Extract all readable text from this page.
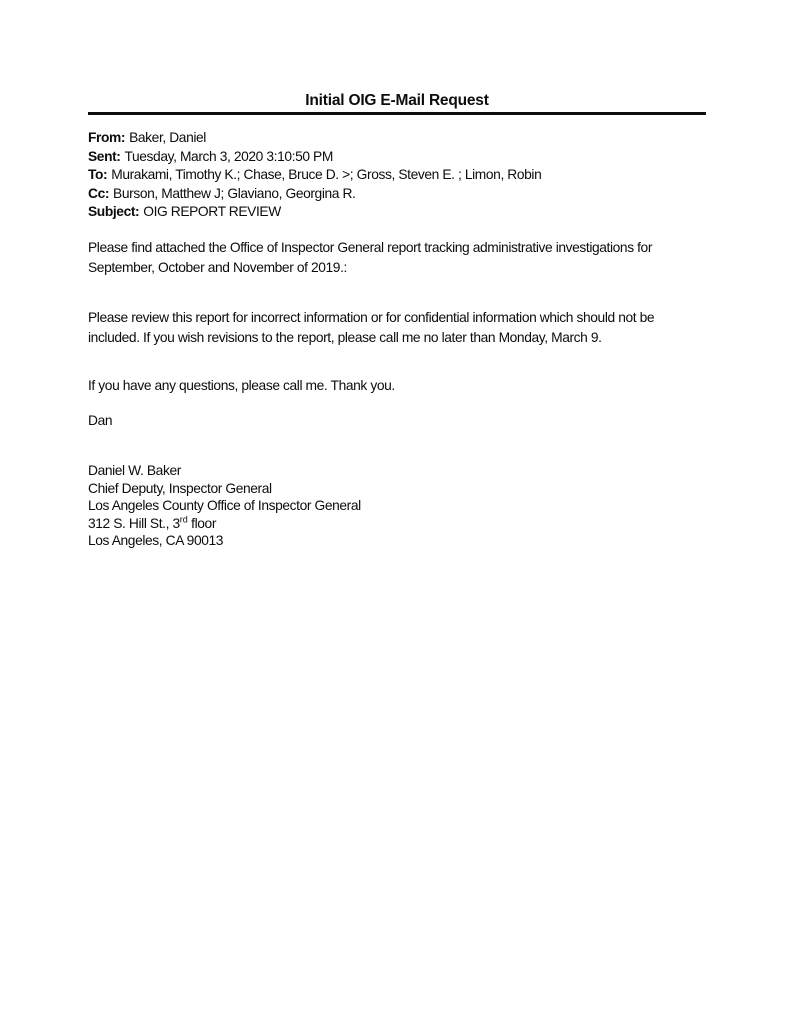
Initial OIG E-Mail Request
From: Baker, Daniel
Sent: Tuesday, March 3, 2020 3:10:50 PM
To: Murakami, Timothy K.; Chase, Bruce D. >; Gross, Steven E. ; Limon, Robin
Cc: Burson, Matthew J; Glaviano, Georgina R.
Subject: OIG REPORT REVIEW

Please find attached the Office of Inspector General report tracking administrative investigations for September, October and November of 2019.:

Please review this report for incorrect information or for confidential information which should not be included. If you wish revisions to the report, please call me no later than Monday, March 9.

If you have any questions, please call me. Thank you.

Dan

Daniel W. Baker
Chief Deputy, Inspector General
Los Angeles County Office of Inspector General
312 S. Hill St., 3rd floor
Los Angeles, CA 90013
